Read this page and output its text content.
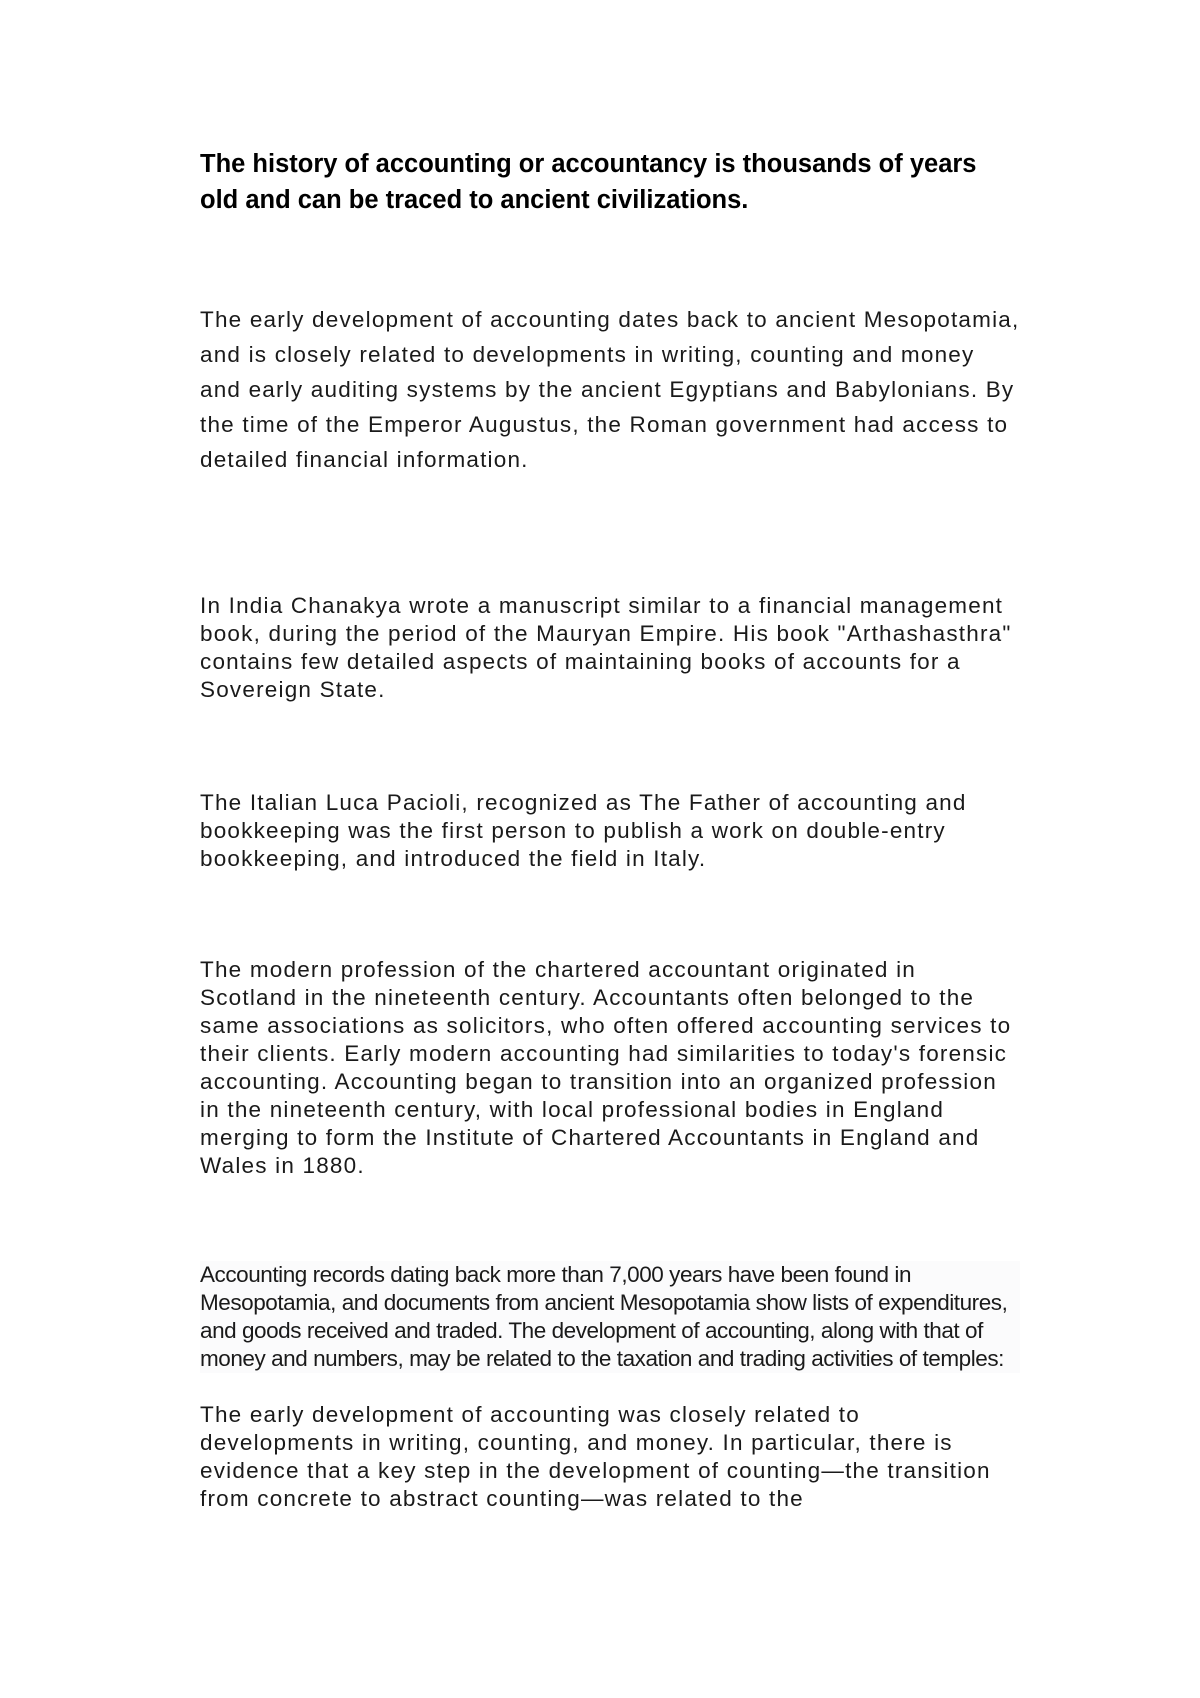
The history of accounting or accountancy is thousands of years old and can be traced to ancient civilizations.

The early development of accounting dates back to ancient Mesopotamia, and is closely related to developments in writing, counting and money and early auditing systems by the ancient Egyptians and Babylonians. By the time of the Emperor Augustus, the Roman government had access to detailed financial information.

In India Chanakya wrote a manuscript similar to a financial management book, during the period of the Mauryan Empire. His book "Arthashasthra" contains few detailed aspects of maintaining books of accounts for a Sovereign State.

The Italian Luca Pacioli, recognized as The Father of accounting and bookkeeping was the first person to publish a work on double-entry bookkeeping, and introduced the field in Italy.

The modern profession of the chartered accountant originated in Scotland in the nineteenth century. Accountants often belonged to the same associations as solicitors, who often offered accounting services to their clients. Early modern accounting had similarities to today's forensic accounting. Accounting began to transition into an organized profession in the nineteenth century, with local professional bodies in England merging to form the Institute of Chartered Accountants in England and Wales in 1880.

Accounting records dating back more than 7,000 years have been found in Mesopotamia, and documents from ancient Mesopotamia show lists of expenditures, and goods received and traded. The development of accounting, along with that of money and numbers, may be related to the taxation and trading activities of temples:

The early development of accounting was closely related to developments in writing, counting, and money. In particular, there is evidence that a key step in the development of counting—the transition from concrete to abstract counting—was related to the
